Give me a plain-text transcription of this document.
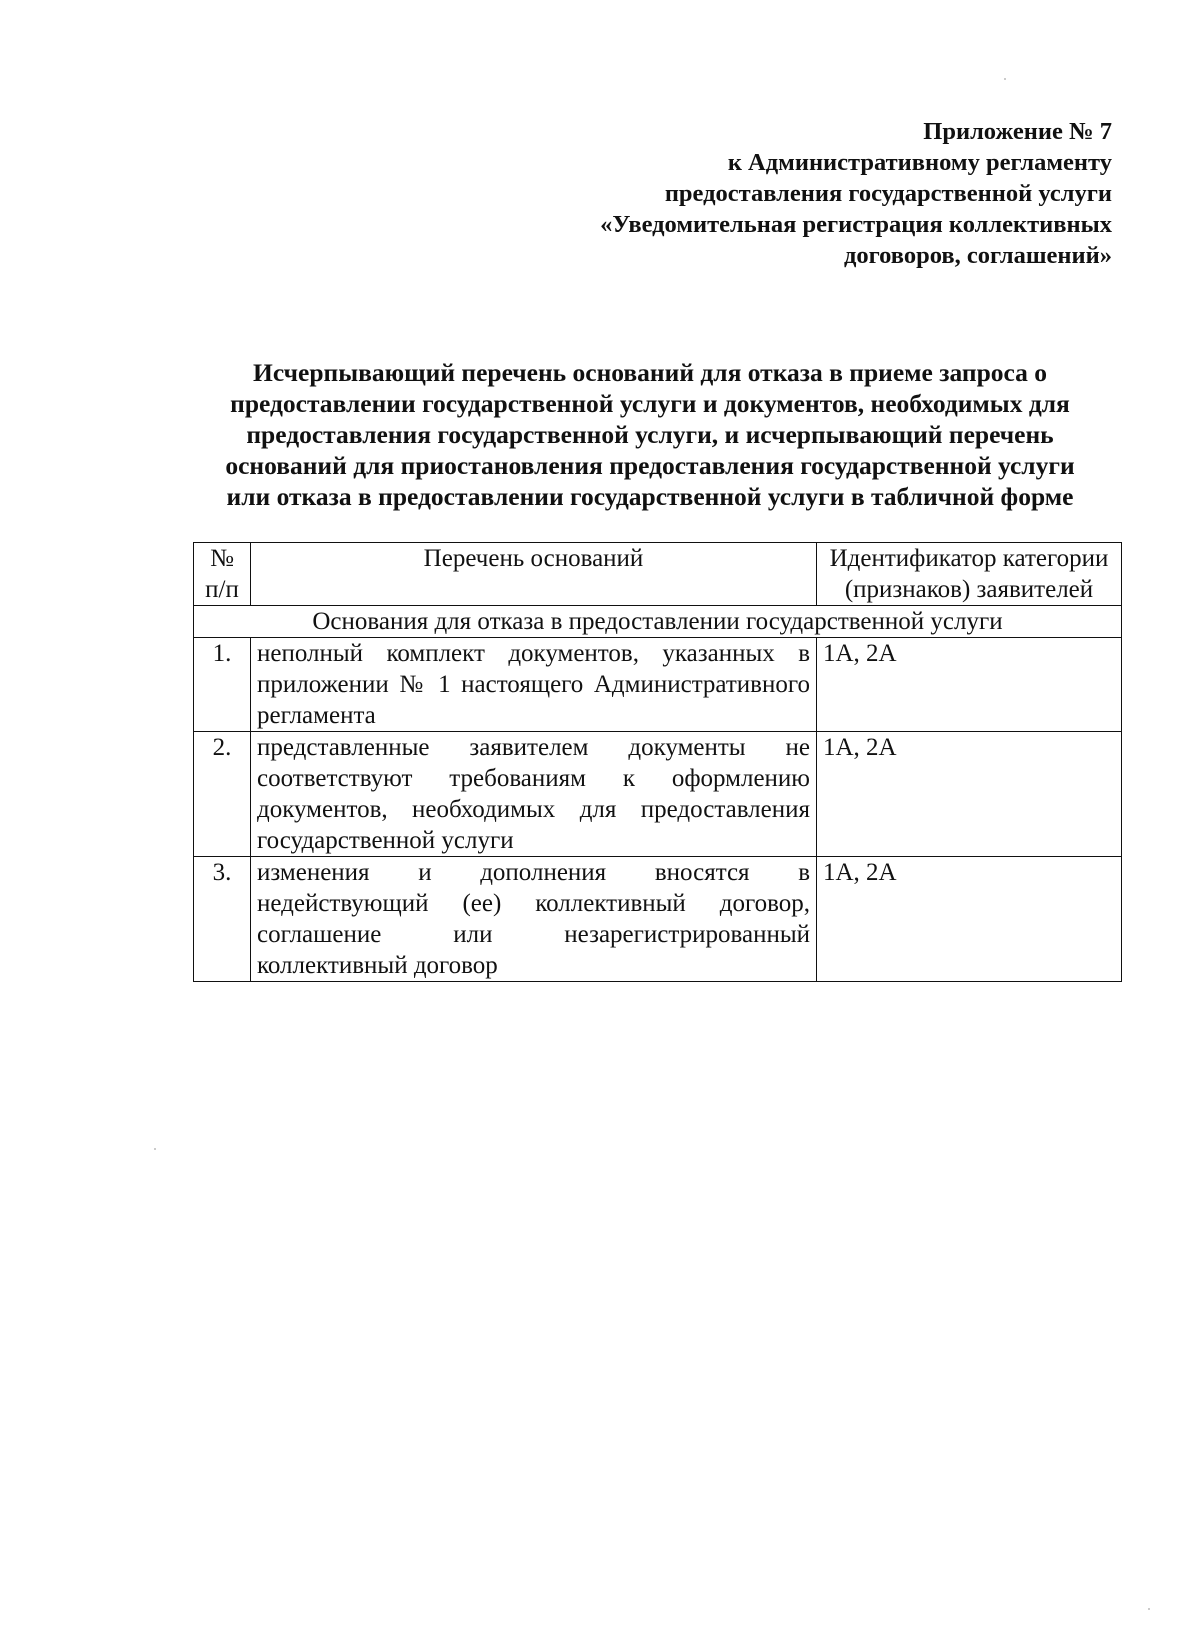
Приложение № 7
к Административному регламенту
предоставления государственной услуги
«Уведомительная регистрация коллективных
договоров, соглашений»
Исчерпывающий перечень оснований для отказа в приеме запроса о
предоставлении государственной услуги и документов, необходимых для
предоставления государственной услуги, и исчерпывающий перечень
оснований для приостановления предоставления государственной услуги
или отказа в предоставлении государственной услуги в табличной форме
№ п/п	Перечень оснований	Идентификатор категории (признаков) заявителей
Основания для отказа в предоставлении государственной услуги		
1.	неполный комплект документов, указанных в приложении № 1 настоящего Административного регламента	1А, 2А
2.	представленные заявителем документы не соответствуют требованиям к оформлению документов, необходимых для предоставления государственной услуги	1А, 2А
3.	изменения и дополнения вносятся в недействующий (ее) коллективный договор, соглашение или незарегистрированный коллективный договор	1А, 2А
